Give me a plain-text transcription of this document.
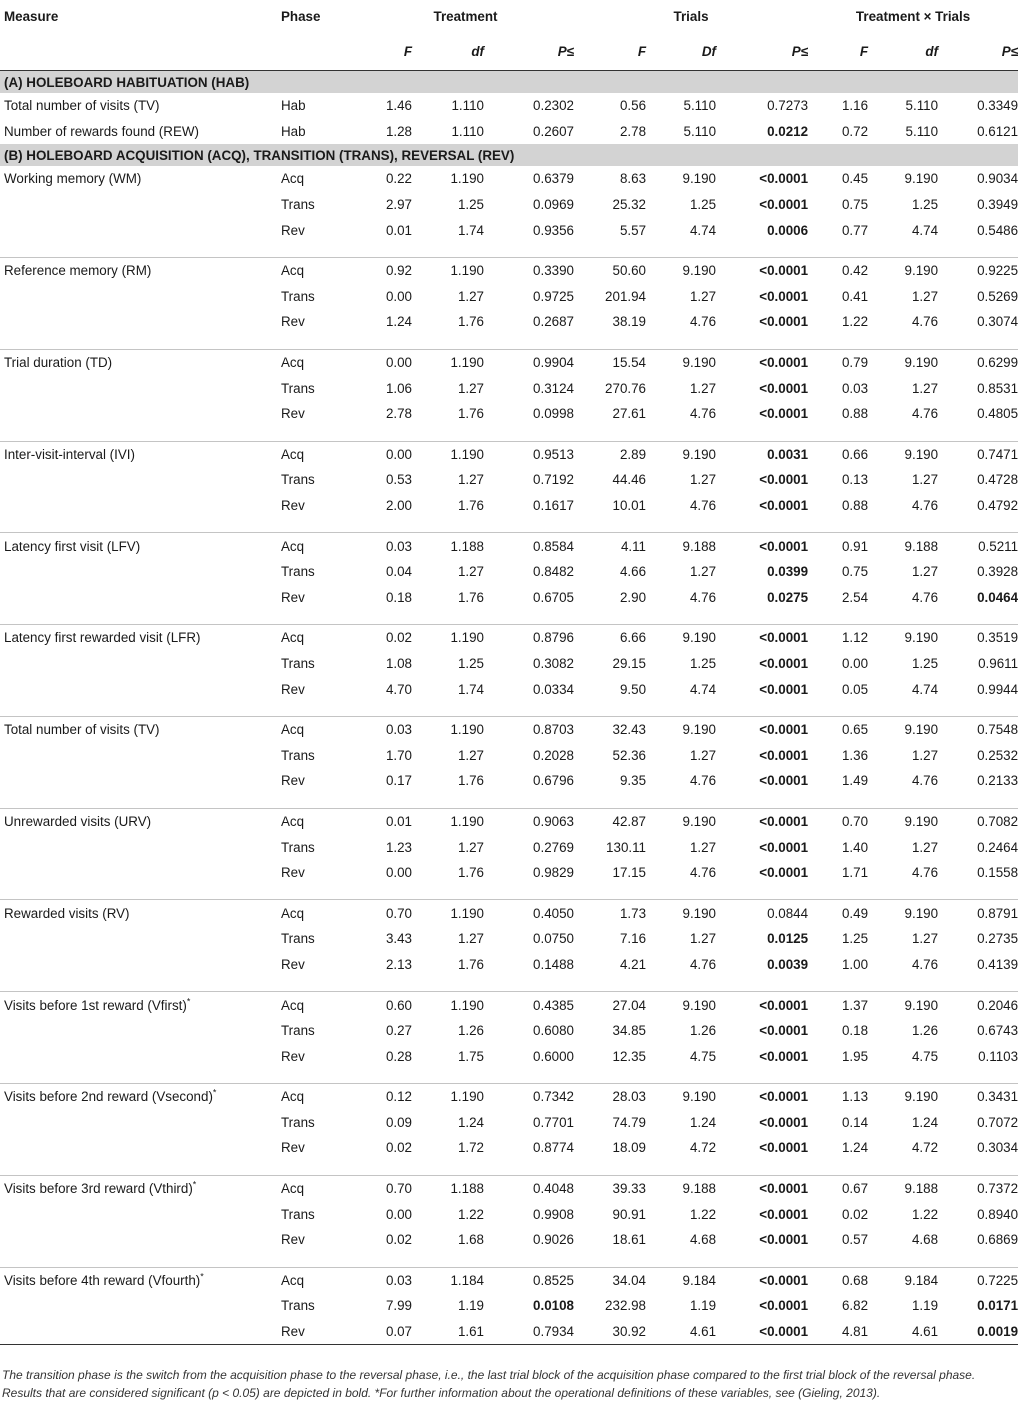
Measure	Phase	Treatment			Trials			Treatment × Trials		
		F	df	P≤	F	Df	P≤	F	df	P≤
(A) HOLEBOARD HABITUATION (HAB)										
Total number of visits (TV)	Hab	1.46	1.110	0.2302	0.56	5.110	0.7273	1.16	5.110	0.3349
Number of rewards found (REW)	Hab	1.28	1.110	0.2607	2.78	5.110	0.0212	0.72	5.110	0.6121
(B) HOLEBOARD ACQUISITION (ACQ), TRANSITION (TRANS), REVERSAL (REV)										
Working memory (WM)	Acq	0.22	1.190	0.6379	8.63	9.190	<0.0001	0.45	9.190	0.9034
	Trans	2.97	1.25	0.0969	25.32	1.25	<0.0001	0.75	1.25	0.3949
	Rev	0.01	1.74	0.9356	5.57	4.74	0.0006	0.77	4.74	0.5486

Reference memory (RM)	Acq	0.92	1.190	0.3390	50.60	9.190	<0.0001	0.42	9.190	0.9225
	Trans	0.00	1.27	0.9725	201.94	1.27	<0.0001	0.41	1.27	0.5269
	Rev	1.24	1.76	0.2687	38.19	4.76	<0.0001	1.22	4.76	0.3074

Trial duration (TD)	Acq	0.00	1.190	0.9904	15.54	9.190	<0.0001	0.79	9.190	0.6299
	Trans	1.06	1.27	0.3124	270.76	1.27	<0.0001	0.03	1.27	0.8531
	Rev	2.78	1.76	0.0998	27.61	4.76	<0.0001	0.88	4.76	0.4805

Inter-visit-interval (IVI)	Acq	0.00	1.190	0.9513	2.89	9.190	0.0031	0.66	9.190	0.7471
	Trans	0.53	1.27	0.7192	44.46	1.27	<0.0001	0.13	1.27	0.4728
	Rev	2.00	1.76	0.1617	10.01	4.76	<0.0001	0.88	4.76	0.4792

Latency first visit (LFV)	Acq	0.03	1.188	0.8584	4.11	9.188	<0.0001	0.91	9.188	0.5211
	Trans	0.04	1.27	0.8482	4.66	1.27	0.0399	0.75	1.27	0.3928
	Rev	0.18	1.76	0.6705	2.90	4.76	0.0275	2.54	4.76	0.0464

Latency first rewarded visit (LFR)	Acq	0.02	1.190	0.8796	6.66	9.190	<0.0001	1.12	9.190	0.3519
	Trans	1.08	1.25	0.3082	29.15	1.25	<0.0001	0.00	1.25	0.9611
	Rev	4.70	1.74	0.0334	9.50	4.74	<0.0001	0.05	4.74	0.9944

Total number of visits (TV)	Acq	0.03	1.190	0.8703	32.43	9.190	<0.0001	0.65	9.190	0.7548
	Trans	1.70	1.27	0.2028	52.36	1.27	<0.0001	1.36	1.27	0.2532
	Rev	0.17	1.76	0.6796	9.35	4.76	<0.0001	1.49	4.76	0.2133

Unrewarded visits (URV)	Acq	0.01	1.190	0.9063	42.87	9.190	<0.0001	0.70	9.190	0.7082
	Trans	1.23	1.27	0.2769	130.11	1.27	<0.0001	1.40	1.27	0.2464
	Rev	0.00	1.76	0.9829	17.15	4.76	<0.0001	1.71	4.76	0.1558

Rewarded visits (RV)	Acq	0.70	1.190	0.4050	1.73	9.190	0.0844	0.49	9.190	0.8791
	Trans	3.43	1.27	0.0750	7.16	1.27	0.0125	1.25	1.27	0.2735
	Rev	2.13	1.76	0.1488	4.21	4.76	0.0039	1.00	4.76	0.4139

Visits before 1st reward (Vfirst)*	Acq	0.60	1.190	0.4385	27.04	9.190	<0.0001	1.37	9.190	0.2046
	Trans	0.27	1.26	0.6080	34.85	1.26	<0.0001	0.18	1.26	0.6743
	Rev	0.28	1.75	0.6000	12.35	4.75	<0.0001	1.95	4.75	0.1103

Visits before 2nd reward (Vsecond)*	Acq	0.12	1.190	0.7342	28.03	9.190	<0.0001	1.13	9.190	0.3431
	Trans	0.09	1.24	0.7701	74.79	1.24	<0.0001	0.14	1.24	0.7072
	Rev	0.02	1.72	0.8774	18.09	4.72	<0.0001	1.24	4.72	0.3034

Visits before 3rd reward (Vthird)*	Acq	0.70	1.188	0.4048	39.33	9.188	<0.0001	0.67	9.188	0.7372
	Trans	0.00	1.22	0.9908	90.91	1.22	<0.0001	0.02	1.22	0.8940
	Rev	0.02	1.68	0.9026	18.61	4.68	<0.0001	0.57	4.68	0.6869

Visits before 4th reward (Vfourth)*	Acq	0.03	1.184	0.8525	34.04	9.184	<0.0001	0.68	9.184	0.7225
	Trans	7.99	1.19	0.0108	232.98	1.19	<0.0001	6.82	1.19	0.0171
	Rev	0.07	1.61	0.7934	30.92	4.61	<0.0001	4.81	4.61	0.0019

The transition phase is the switch from the acquisition phase to the reversal phase, i.e., the last trial block of the acquisition phase compared to the first trial block of the reversal phase.

Results that are considered significant (p < 0.05) are depicted in bold. *For further information about the operational definitions of these variables, see (Gieling, 2013).
